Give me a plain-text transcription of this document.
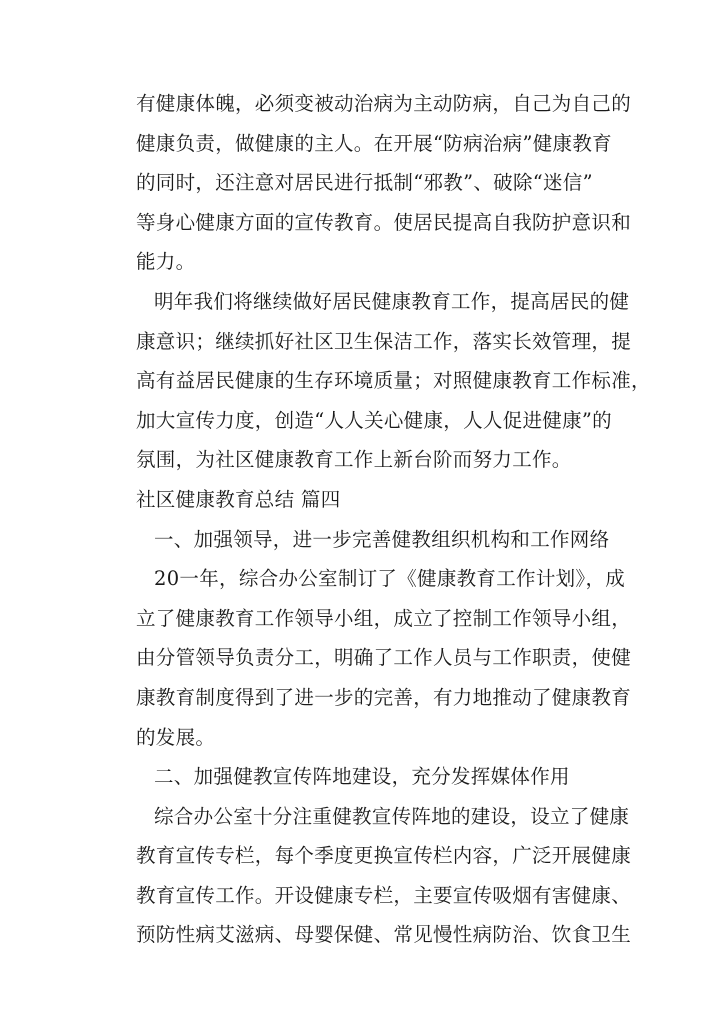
有健康体魄，必须变被动治病为主动防病，自己为自己的
健康负责，做健康的主人。在开展“防病治病”健康教育
的同时，还注意对居民进行抵制“邪教”、破除“迷信”
等身心健康方面的宣传教育。使居民提高自我防护意识和
能力。
明年我们将继续做好居民健康教育工作，提高居民的健
康意识；继续抓好社区卫生保洁工作，落实长效管理，提
高有益居民健康的生存环境质量；对照健康教育工作标准，
加大宣传力度，创造“人人关心健康，人人促进健康”的
氛围，为社区健康教育工作上新台阶而努力工作。
社区健康教育总结 篇四
一、加强领导，进一步完善健教组织机构和工作网络
20一年，综合办公室制订了《健康教育工作计划》，成
立了健康教育工作领导小组，成立了控制工作领导小组，
由分管领导负责分工，明确了工作人员与工作职责，使健
康教育制度得到了进一步的完善，有力地推动了健康教育
的发展。
二、加强健教宣传阵地建设，充分发挥媒体作用
综合办公室十分注重健教宣传阵地的建设，设立了健康
教育宣传专栏，每个季度更换宣传栏内容，广泛开展健康
教育宣传工作。开设健康专栏，主要宣传吸烟有害健康、
预防性病艾滋病、母婴保健、常见慢性病防治、饮食卫生
